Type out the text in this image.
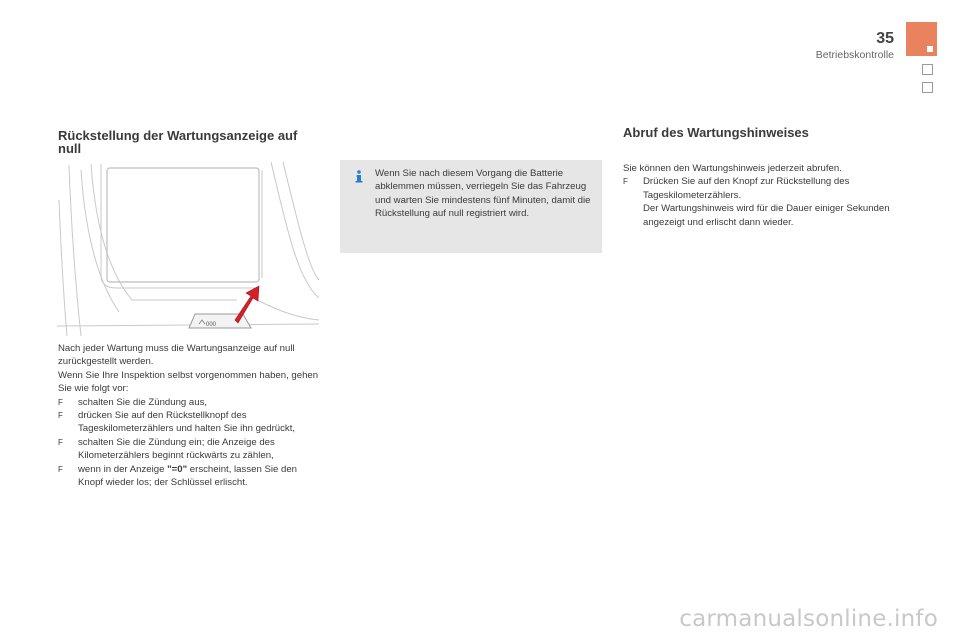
35
Betriebskontrolle
Rückstellung der Wartungsanzeige auf null
000

Nach jeder Wartung muss die Wartungsanzeige auf null zurückgestellt werden.

Wenn Sie Ihre Inspektion selbst vorgenommen haben, gehen Sie wie folgt vor:

F	schalten Sie die Zündung aus,
F	drücken Sie auf den Rückstellknopf des Tageskilometerzählers und halten Sie ihn gedrückt,
F	schalten Sie die Zündung ein; die Anzeige des Kilometerzählers beginnt rückwärts zu zählen,
F	wenn in der Anzeige "=0" erscheint, lassen Sie den Knopf wieder los; der Schlüssel erlischt.
Wenn Sie nach diesem Vorgang die Batterie abklemmen müssen, verriegeln Sie das Fahrzeug und warten Sie mindestens fünf Minuten, damit die Rückstellung auf null registriert wird.
Abruf des Wartungshinweises

Sie können den Wartungshinweis jederzeit abrufen.

F	Drücken Sie auf den Knopf zur Rückstellung des Tageskilometerzählers.

Der Wartungshinweis wird für die Dauer einiger Sekunden angezeigt und erlischt dann wieder.

carmanualsonline.info
